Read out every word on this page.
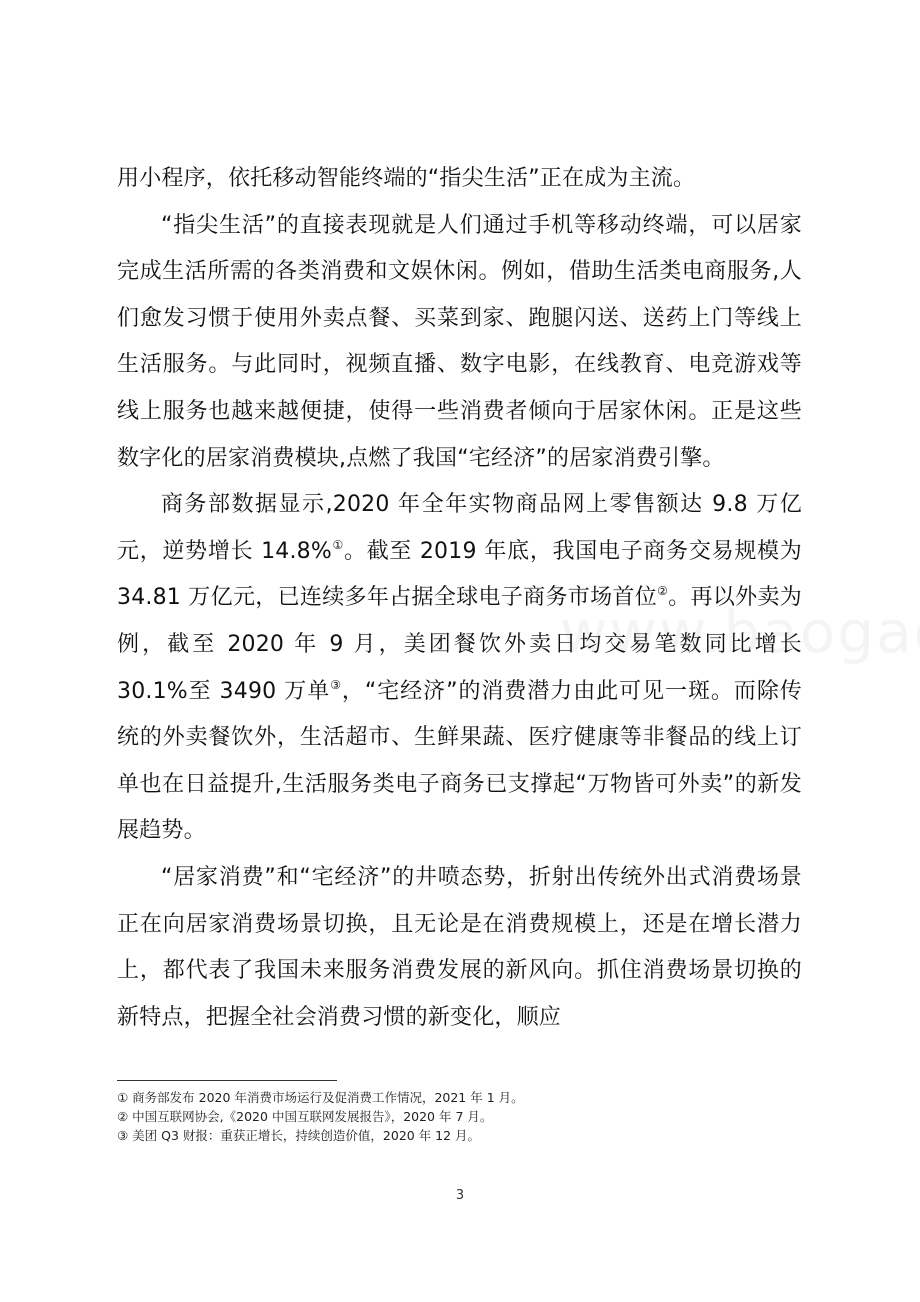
用小程序，依托移动智能终端的“指尖生活”正在成为主流。

“指尖生活”的直接表现就是人们通过手机等移动终端，可以居家完成生活所需的各类消费和文娱休闲。例如，借助生活类电商服务,人们愈发习惯于使用外卖点餐、买菜到家、跑腿闪送、送药上门等线上生活服务。与此同时，视频直播、数字电影，在线教育、电竞游戏等线上服务也越来越便捷，使得一些消费者倾向于居家休闲。正是这些数字化的居家消费模块,点燃了我国“宅经济”的居家消费引擎。

商务部数据显示,2020 年全年实物商品网上零售额达 9.8 万亿元，逆势增长 14.8%①。截至 2019 年底，我国电子商务交易规模为 34.81 万亿元，已连续多年占据全球电子商务市场首位②。再以外卖为例，截至 2020 年 9 月，美团餐饮外卖日均交易笔数同比增长 30.1%至 3490 万单③，“宅经济”的消费潜力由此可见一斑。而除传统的外卖餐饮外，生活超市、生鲜果蔬、医疗健康等非餐品的线上订单也在日益提升,生活服务类电子商务已支撑起“万物皆可外卖”的新发展趋势。

“居家消费”和“宅经济”的井喷态势，折射出传统外出式消费场景正在向居家消费场景切换，且无论是在消费规模上，还是在增长潜力上，都代表了我国未来服务消费发展的新风向。抓住消费场景切换的新特点，把握全社会消费习惯的新变化，顺应

① 商务部发布 2020 年消费市场运行及促消费工作情况，2021 年 1 月。

② 中国互联网协会,《2020 中国互联网发展报告》，2020 年 7 月。

③ 美团 Q3 财报：重获正增长，持续创造价值，2020 年 12 月。

3
